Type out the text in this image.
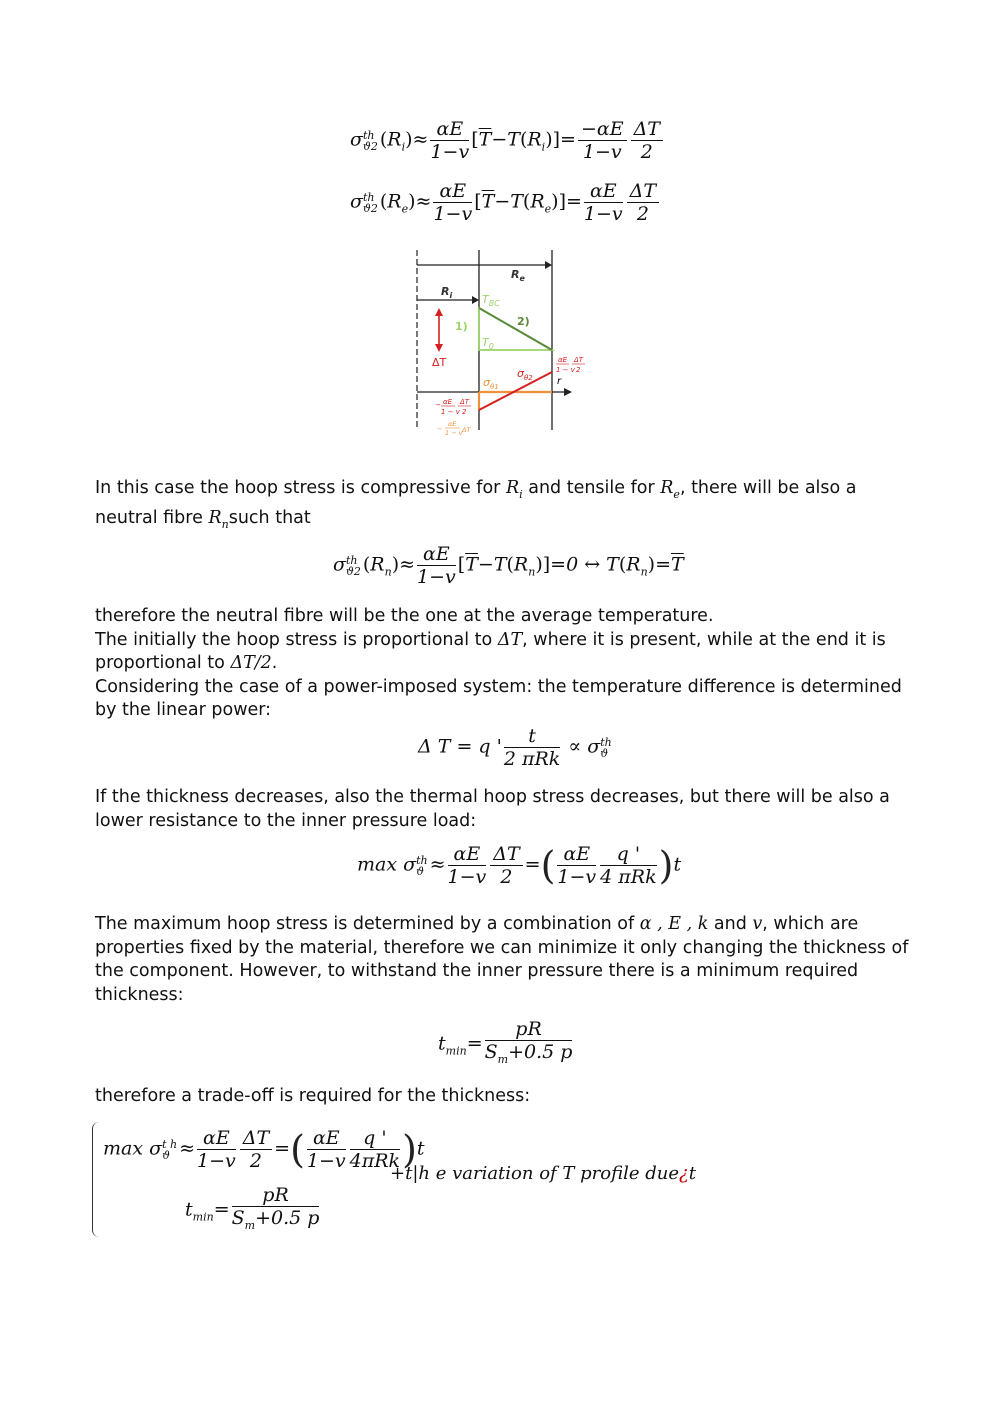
σ th
ϑ2 $(R_i)\approx \frac{\alpha E}{1-v} [\overline{T}-T(R_i)]= \frac{-\alpha E}{1-v} \frac{\Delta T}{2}$
σ th
ϑ2 $(R_e)\approx \frac{\alpha E}{1-v} [\overline{T}-T(R_e)]= \frac{\alpha E}{1-v} \frac{\Delta T}{2}$
$R_e$
$R_i$	$T_{BC}$
$T_0$
1)	2)
ΔT
r
$\sigma_{\theta 1}$
$\sigma_{\theta 2}$
αE
1 − v
ΔT
2
− αE
1 − v
ΔT
2
−
αE
1 − v ΔT
In this case the hoop stress is compressive for $R_i$ and tensile for $R_e$, there will be also a neutral fibre $R_nsuch$ that
σ th
ϑ2 $(R_n)\approx \frac{\alpha E}{1-v} [\overline{T}-T(R_n)]=0$ ↔ $T(R_n)=\overline{T}$
therefore the neutral fibre will be the one at the average temperature.
The initially the hoop stress is proportional to ΔT, where it is present, while at the end it is proportional to ΔT/2.
Considering the case of a power-imposed system: the temperature difference is determined by the linear power:
Δ T = q ' $\frac{t}{\text{2 πRk}} \propto \sigma$ th
ϑ
If the thickness decreases, also the thermal hoop stress decreases, but there will be also a lower resistance to the inner pressure load:
max σ th
$ϑ \approx \frac{\alpha E}{1-v} \frac{\Delta T}{2}$ =( $\frac{\alpha E}{1-v} \frac{q '}{\text{4 πRk}} )t$
The maximum hoop stress is determined by a combination of α , E , k and v, which are properties fixed by the material, therefore we can minimize it only changing the thickness of the component. However, to withstand the inner pressure there is a minimum required thickness:
$t_{min}= \frac{pR}{S_m+0.5 p}$
therefore a trade-off is required for the thickness:
max σ t h
$ϑ \approx \frac{\alpha E}{1-v} \frac{\Delta T}{2}$ =( $\frac{\alpha E}{1-v} \frac{q '}{\text{4πRk}} )t$
+t|h e variation of T profile due¿t
$t_{min}= \frac{pR}{S_m+0.5 p}$
